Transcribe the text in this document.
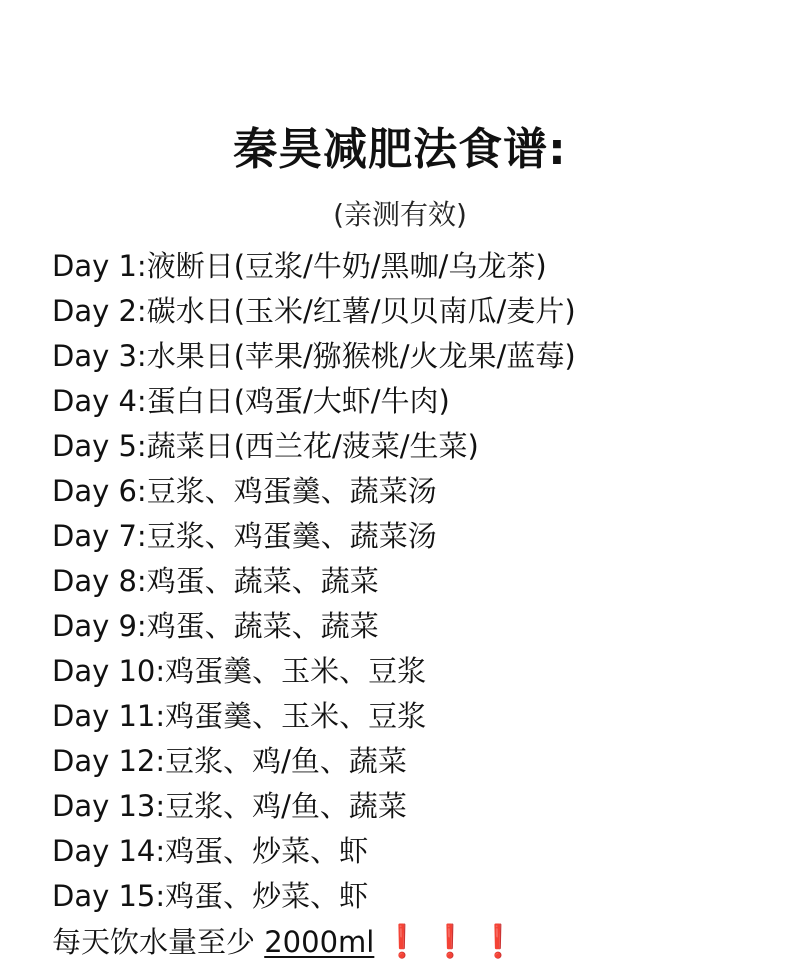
秦昊减肥法食谱:
(亲测有效)
Day 1:液断日(豆浆/牛奶/黑咖/乌龙茶)
Day 2:碳水日(玉米/红薯/贝贝南瓜/麦片)
Day 3:水果日(苹果/猕猴桃/火龙果/蓝莓)
Day 4:蛋白日(鸡蛋/大虾/牛肉)
Day 5:蔬菜日(西兰花/菠菜/生菜)
Day 6:豆浆、鸡蛋羹、蔬菜汤
Day 7:豆浆、鸡蛋羹、蔬菜汤
Day 8:鸡蛋、蔬菜、蔬菜
Day 9:鸡蛋、蔬菜、蔬菜
Day 10:鸡蛋羹、玉米、豆浆
Day 11:鸡蛋羹、玉米、豆浆
Day 12:豆浆、鸡/鱼、蔬菜
Day 13:豆浆、鸡/鱼、蔬菜
Day 14:鸡蛋、炒菜、虾
Day 15:鸡蛋、炒菜、虾
每天饮水量至少 2000ml ❗ ❗ ❗
